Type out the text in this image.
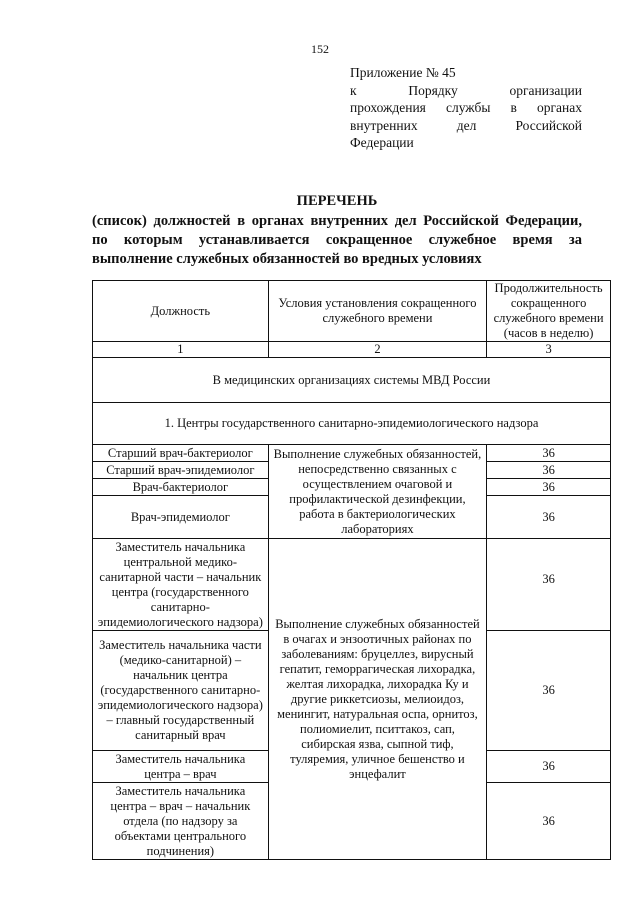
152
Приложение № 45
к          Порядку          организации
прохождения службы в органах
внутренних    дел    Российской
Федерации
ПЕРЕЧЕНЬ
(список) должностей в органах внутренних дел Российской Федерации,
по которым устанавливается сокращенное служебное время за
выполнение служебных обязанностей во вредных условиях
Должность	Условия установления сокращенного служебного времени	Продолжительность сокращенного служебного времени (часов в неделю)
1	2	3
В медицинских организациях системы МВД России		
1. Центры государственного санитарно-эпидемиологического надзора		
Старший врач-бактериолог	Выполнение служебных обязанностей, непосредственно связанных с осуществлением очаговой и профилактической дезинфекции, работа в бактериологических лабораториях	36
Старший врач-эпидемиолог		36
Врач-бактериолог		36
Врач-эпидемиолог		36
Заместитель начальника центральной медико-санитарной части – начальник центра (государственного санитарно-эпидемиологического надзора)	Выполнение служебных обязанностей в очагах и энзоотичных районах по заболеваниям: бруцеллез, вирусный гепатит, геморрагическая лихорадка, желтая лихорадка, лихорадка Ку и другие риккетсиозы, мелиоидоз, менингит, натуральная оспа, орнитоз, полиомиелит, пситтакоз, сап, сибирская язва, сыпной тиф, туляремия, уличное бешенство и энцефалит	36
Заместитель начальника части (медико-санитарной) – начальник центра (государственного санитарно-эпидемиологического надзора) – главный государственный санитарный врач		36
Заместитель начальника центра – врач		36
Заместитель начальника центра – врач – начальник отдела (по надзору за объектами центрального подчинения)		36
